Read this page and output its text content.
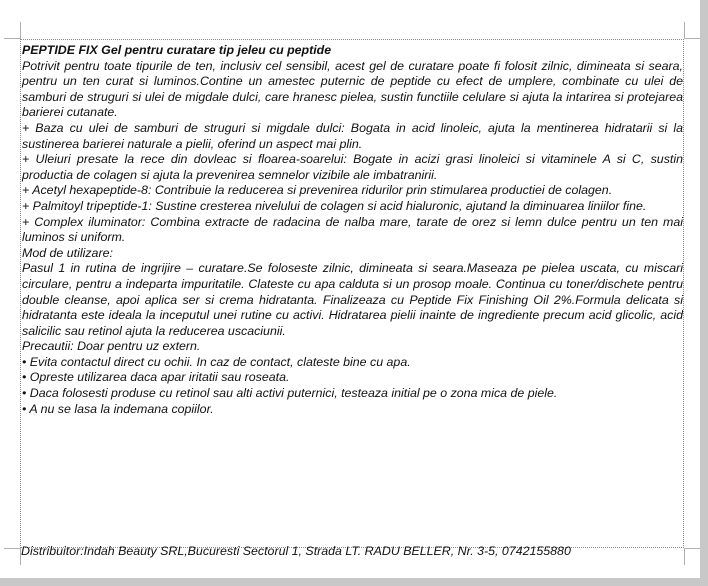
PEPTIDE FIX Gel pentru curatare tip jeleu cu peptide

Potrivit pentru toate tipurile de ten, inclusiv cel sensibil, acest gel de curatare poate fi folosit zilnic, dimineata si seara, pentru un ten curat si luminos.Contine un amestec puternic de peptide cu efect de umplere, combinate cu ulei de samburi de struguri si ulei de migdale dulci, care hranesc pielea, sustin functiile celulare si ajuta la intarirea si protejarea barierei cutanate.

+ Baza cu ulei de samburi de struguri si migdale dulci: Bogata in acid linoleic, ajuta la mentinerea hidratarii si la sustinerea barierei naturale a pielii, oferind un aspect mai plin.

+ Uleiuri presate la rece din dovleac si floarea-soarelui: Bogate in acizi grasi linoleici si vitaminele A si C, sustin productia de colagen si ajuta la prevenirea semnelor vizibile ale imbatranirii.

+ Acetyl hexapeptide-8: Contribuie la reducerea si prevenirea ridurilor prin stimularea productiei de colagen.

+ Palmitoyl tripeptide-1: Sustine cresterea nivelului de colagen si acid hialuronic, ajutand la diminuarea liniilor fine.

+ Complex iluminator: Combina extracte de radacina de nalba mare, tarate de orez si lemn dulce pentru un ten mai luminos si uniform.

Mod de utilizare:

Pasul 1 in rutina de ingrijire – curatare.Se foloseste zilnic, dimineata si seara.Maseaza pe pielea uscata, cu miscari circulare, pentru a indeparta impuritatile. Clateste cu apa calduta si un prosop moale. Continua cu toner/dischete pentru double cleanse, apoi aplica ser si crema hidratanta. Finalizeaza cu Peptide Fix Finishing Oil 2%.Formula delicata si hidratanta este ideala la inceputul unei rutine cu activi. Hidratarea pielii inainte de ingrediente precum acid glicolic, acid salicilic sau retinol ajuta la reducerea uscaciunii.

Precautii: Doar pentru uz extern.

• Evita contactul direct cu ochii. In caz de contact, clateste bine cu apa.

• Opreste utilizarea daca apar iritatii sau roseata.

• Daca folosesti produse cu retinol sau alti activi puternici, testeaza initial pe o zona mica de piele.

• A nu se lasa la indemana copiilor.

Distribuitor:Indah Beauty SRL,Bucuresti Sectorul 1, Strada LT. RADU BELLER, Nr. 3-5, 0742155880
